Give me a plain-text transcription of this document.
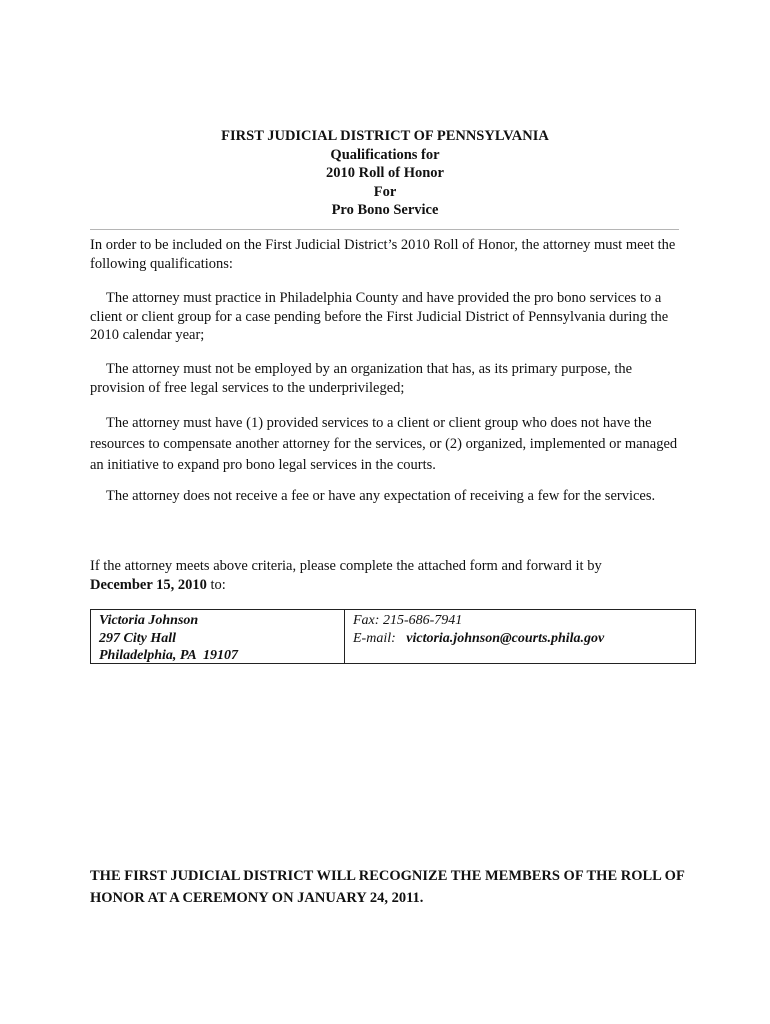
FIRST JUDICIAL DISTRICT OF PENNSYLVANIA
Qualifications for
2010 Roll of Honor
For
Pro Bono Service

In order to be included on the First Judicial District’s 2010 Roll of Honor, the attorney must meet the following qualifications:

The attorney must practice in Philadelphia County and have provided the pro bono services to a client or client group for a case pending before the First Judicial District of Pennsylvania during the 2010 calendar year;

The attorney must not be employed by an organization that has, as its primary purpose, the provision of free legal services to the underprivileged;

The attorney must have (1) provided services to a client or client group who does not have the resources to compensate another attorney for the services, or (2) organized, implemented or managed an initiative to expand pro bono legal services in the courts.

The attorney does not receive a fee or have any expectation of receiving a few for the services.

If the attorney meets above criteria, please complete the attached form and forward it by
December 15, 2010 to:

Victoria Johnson
297 City Hall
Philadelphia, PA  19107
Fax: 215-686-7941
E-mail:   victoria.johnson@courts.phila.gov

THE FIRST JUDICIAL DISTRICT WILL RECOGNIZE THE MEMBERS OF THE ROLL OF HONOR AT A CEREMONY ON JANUARY 24, 2011.
